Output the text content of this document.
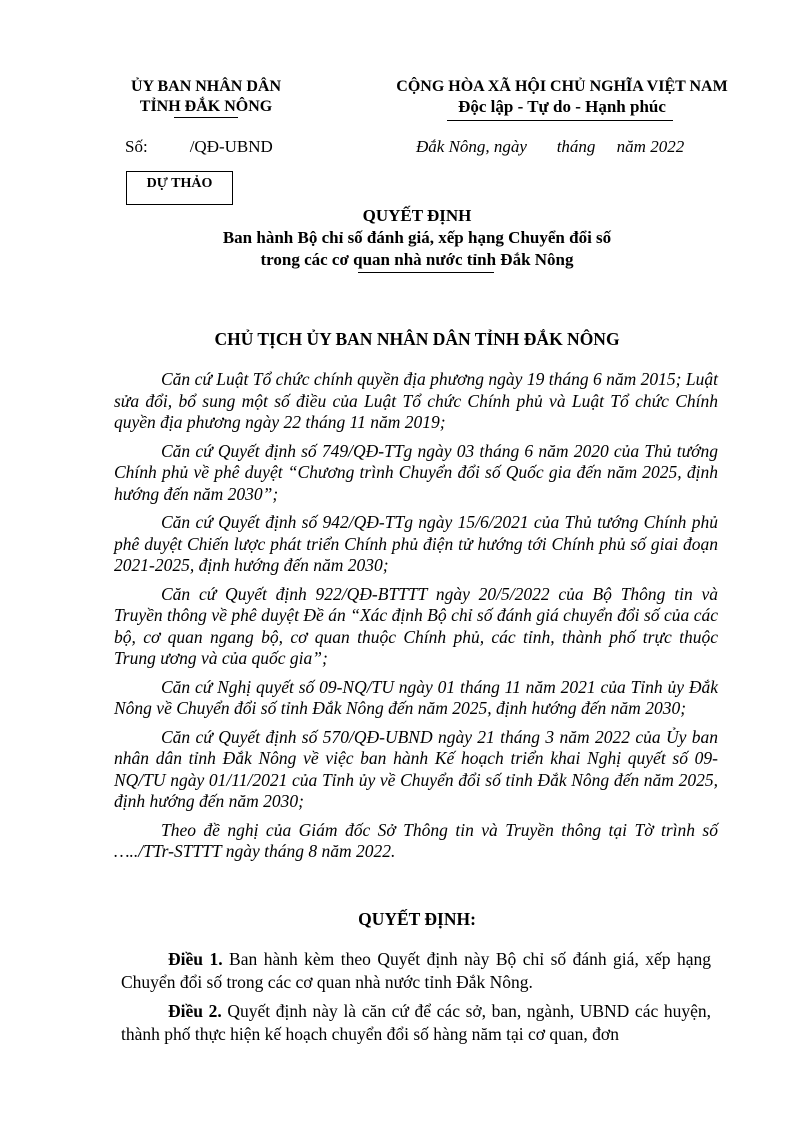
ỦY BAN NHÂN DÂN
TỈNH ĐẮK NÔNG
CỘNG HÒA XÃ HỘI CHỦ NGHĨA VIỆT NAM
Độc lập - Tự do - Hạnh phúc
Số: /QĐ-UBND	Đắk Nông, ngày       tháng     năm 2022
DỰ THẢO
QUYẾT ĐỊNH
Ban hành Bộ chỉ số đánh giá, xếp hạng Chuyển đổi số
trong các cơ quan nhà nước tỉnh Đắk Nông
CHỦ TỊCH ỦY BAN NHÂN DÂN TỈNH ĐẮK NÔNG

Căn cứ Luật Tổ chức chính quyền địa phương ngày 19 tháng 6 năm 2015; Luật sửa đổi, bổ sung một số điều của Luật Tổ chức Chính phủ và Luật Tổ chức Chính quyền địa phương ngày 22 tháng 11 năm 2019;

Căn cứ Quyết định số 749/QĐ-TTg ngày 03 tháng 6 năm 2020 của Thủ tướng Chính phủ về phê duyệt “Chương trình Chuyển đổi số Quốc gia đến năm 2025, định hướng đến năm 2030”;

Căn cứ Quyết định số 942/QĐ-TTg ngày 15/6/2021 của Thủ tướng Chính phủ phê duyệt Chiến lược phát triển Chính phủ điện tử hướng tới Chính phủ số giai đoạn 2021-2025, định hướng đến năm 2030;

Căn cứ Quyết định 922/QĐ-BTTTT ngày 20/5/2022 của Bộ Thông tin và Truyền thông về phê duyệt Đề án “Xác định Bộ chỉ số đánh giá chuyển đổi số của các bộ, cơ quan ngang bộ, cơ quan thuộc Chính phủ, các tỉnh, thành phố trực thuộc Trung ương và của quốc gia”;

Căn cứ Nghị quyết số 09-NQ/TU ngày 01 tháng 11 năm 2021 của Tỉnh ủy Đắk Nông về Chuyển đổi số tỉnh Đắk Nông đến năm 2025, định hướng đến năm 2030;

Căn cứ Quyết định số 570/QĐ-UBND ngày 21 tháng 3 năm 2022 của Ủy ban nhân dân tỉnh Đắk Nông về việc ban hành Kế hoạch triển khai Nghị quyết số 09-NQ/TU ngày 01/11/2021 của Tỉnh ủy về Chuyển đổi số tỉnh Đắk Nông đến năm 2025, định hướng đến năm 2030;

Theo đề nghị của Giám đốc Sở Thông tin và Truyền thông tại Tờ trình số …../TTr-STTTT ngày tháng 8 năm 2022.

QUYẾT ĐỊNH:

Điều 1. Ban hành kèm theo Quyết định này Bộ chỉ số đánh giá, xếp hạng Chuyển đổi số trong các cơ quan nhà nước tỉnh Đắk Nông.

Điều 2. Quyết định này là căn cứ để các sở, ban, ngành, UBND các huyện, thành phố thực hiện kế hoạch chuyển đổi số hàng năm tại cơ quan, đơn
